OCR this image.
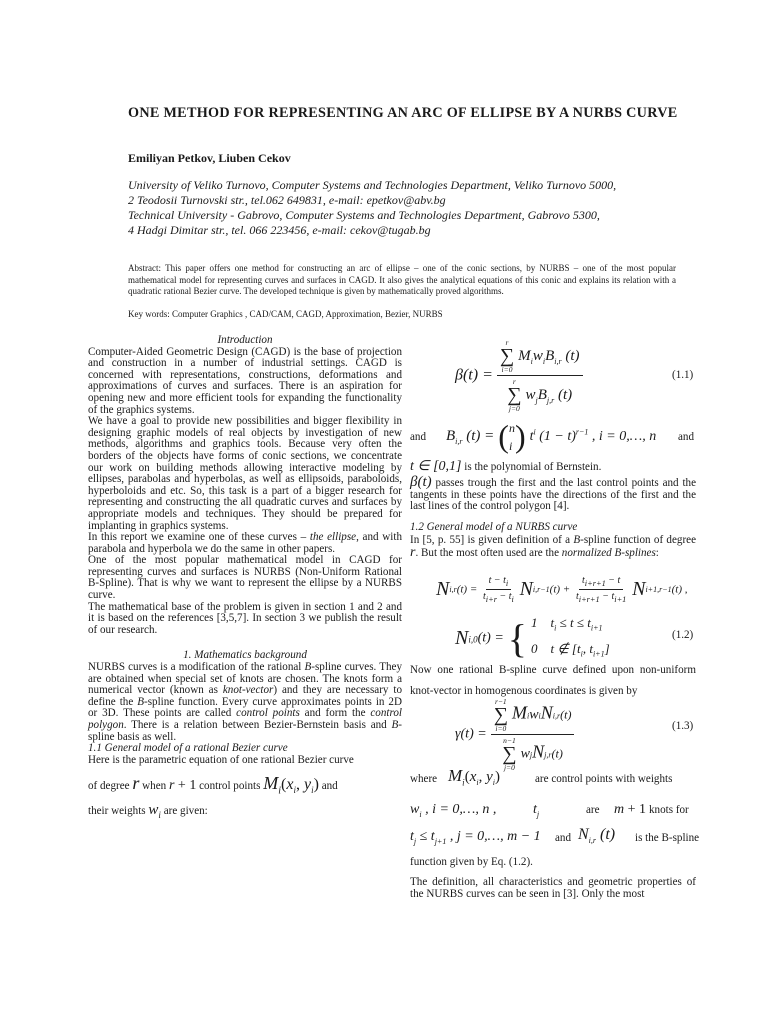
ONE METHOD FOR REPRESENTING AN ARC OF ELLIPSE BY A NURBS CURVE
Emiliyan Petkov, Liuben Cekov
University of Veliko Turnovo, Computer Systems and Technologies Department, Veliko Turnovo 5000,
2 Teodosii Turnovski str., tel.062 649831, e-mail: epetkov@abv.bg
Technical University - Gabrovo, Computer Systems and Technologies Department, Gabrovo 5300,
4 Hadgi Dimitar str., tel. 066 223456, e-mail: cekov@tugab.bg
Abstract: This paper offers one method for constructing an arc of ellipse – one of the conic sections, by NURBS – one of the most popular mathematical model for representing curves and surfaces in CAGD. It also gives the analytical equations of this conic and explains its relation with a quadratic rational Bezier curve. The developed technique is given by mathematically proved algorithms.
Key words: Computer Graphics , CAD/CAM, CAGD, Approximation, Bezier, NURBS

Introduction

Computer-Aided Geometric Design (CAGD) is the base of projection and construction in a number of industrial settings. CAGD is concerned with representations, constructions, deformations and approximations of curves and surfaces. There is an aspiration for opening new and more efficient tools for expanding the functionality of the graphics systems.

We have a goal to provide new possibilities and bigger flexibility in designing graphic models of real objects by investigation of new methods, algorithms and graphics tools. Because very often the borders of the objects have forms of conic sections, we concentrate our work on building methods allowing interactive modeling by ellipses, parabolas and hyperbolas, as well as ellipsoids, paraboloids, hyperboloids and etc. So, this task is a part of a bigger research for representing and constructing the all quadratic curves and surfaces by appropriate models and techniques. They should be prepared for implanting in graphics systems.

In this report we examine one of these curves – the ellipse, and with parabola and hyperbola we do the same in other papers.

One of the most popular mathematical model in CAGD for representing curves and surfaces is NURBS (Non-Uniform Rational B-Spline). That is why we want to represent the ellipse by a NURBS curve.

The mathematical base of the problem is given in section 1 and 2 and it is based on the references [3,5,7]. In section 3 we publish the result of our research.

1. Mathematics background

NURBS curves is a modification of the rational B-spline curves. They are obtained when special set of knots are chosen. The knots form a numerical vector (known as knot-vector) and they are necessary to define the B-spline function. Every curve approximates points in 2D or 3D. These points are called control points and form the control polygon. There is a relation between Bezier-Bernstein basis and B-spline basis as well.

1.1 General model of a rational Bezier curve

Here is the parametric equation of one rational Bezier curve

of degree r when r + 1 control points $M_i(x_i$, $y_i$) and

their weights $w_i$ are given:

β(t) = r
∑
i=0
$M_iw_iB_{i,r}$ (t)
r
∑
j=0
$w_jB_{j,r}$ (t)	(1.1)
and $B_{i,r}$ (t) = ( n
i ) $t^i$ $(1 - t)^{r-1}$ , i = 0,…, n and
t ∈ [0,1] is the polynomial of Bernstein.
β(t) passes trough the first and the last control points and the tangents in these points have the directions of the first and the last lines of the control polygon [4].
1.2 General model of a NURBS curve
In [5, p. 55] is given definition of a B-spline function of degree r. But the most often used are the normalized B-splines:
$Ni,r(t) = \frac{t - t_i}{t_{i+r} - t_i} Ni,r-1(t) + \frac{t_{i+r+1} - t}{t_{i+r+1} - t_{i+1}} Ni+1,r-1(t)$ ,
Ni,0(t) = { 1    $t_i \le t \le t_{i+1}$
0    t ∉ [$t_i$, $t_{i+1}$]
(1.2)
Now one rational B-spline curve defined upon non-uniform knot-vector in homogenous coordinates is given by
γ(t) = r−1
∑
i=0
MiwiNi,r(t)
n−1
∑
j=0
wjNj,r(t)	(1.3)
where $M_i(x_i$, $y_i$)	are control points with weights
$w_i$ , i = 0,…, n ,	$t_j$	are m + 1 knots for
$t_j \le t_{j+1}$ , j = 0,…, m − 1 and $N_{i,r}$ (t) is the B-spline
function given by Eq. (1.2).
The definition, all characteristics and geometric properties of the NURBS curves can be seen in [3]. Only the most
